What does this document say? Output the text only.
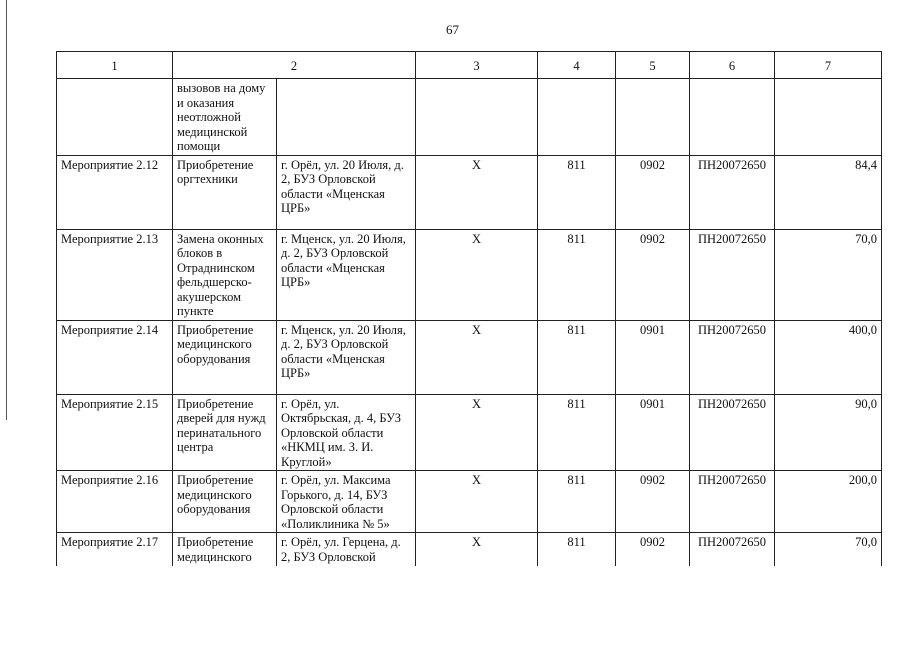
67
1	2		3	4	5	6	7
	вызовов на дому и оказания неотложной медицинской помощи						
Мероприятие 2.12	Приобретение оргтехники	г. Орёл, ул. 20 Июля, д. 2, БУЗ Орловской области «Мценская ЦРБ»	Х	811	0902	ПН20072650	84,4
Мероприятие 2.13	Замена оконных блоков в Отраднинском фельдшерско-акушерском пункте	г. Мценск, ул. 20 Июля, д. 2, БУЗ Орловской области «Мценская ЦРБ»	Х	811	0902	ПН20072650	70,0
Мероприятие 2.14	Приобретение медицинского оборудования	г. Мценск, ул. 20 Июля, д. 2, БУЗ Орловской области «Мценская ЦРБ»	Х	811	0901	ПН20072650	400,0
Мероприятие 2.15	Приобретение дверей для нужд перинатального центра	г. Орёл, ул. Октябрьская, д. 4, БУЗ Орловской области «НКМЦ им. З. И. Круглой»	Х	811	0901	ПН20072650	90,0
Мероприятие 2.16	Приобретение медицинского оборудования	г. Орёл, ул. Максима Горького, д. 14, БУЗ Орловской области «Поликлиника № 5»	Х	811	0902	ПН20072650	200,0
Мероприятие 2.17	Приобретение медицинского	г. Орёл, ул. Герцена, д. 2, БУЗ Орловской	Х	811	0902	ПН20072650	70,0
